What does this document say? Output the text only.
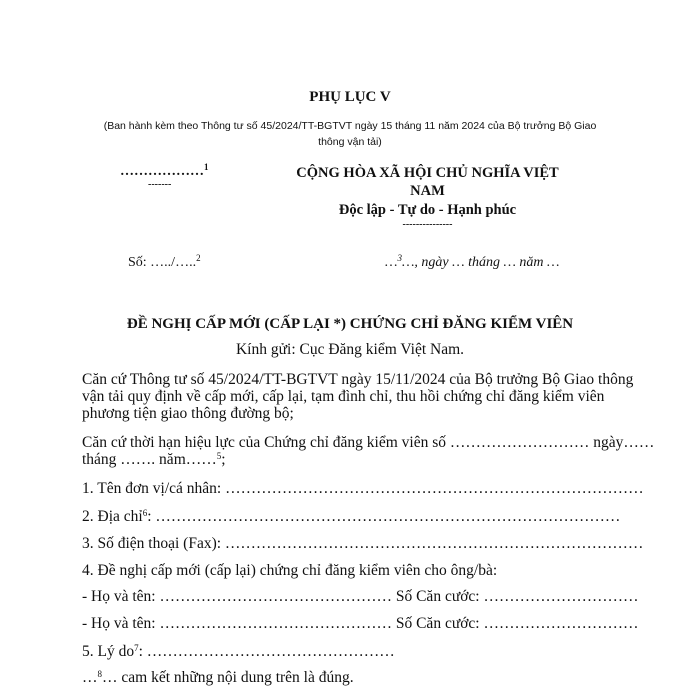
PHỤ LỤC V
(Ban hành kèm theo Thông tư số 45/2024/TT-BGTVT ngày 15 tháng 11 năm 2024 của Bộ trưởng Bộ Giao
thông vận tải)
………………$^1$
-------
Số: …../…..$^2$
CỘNG HÒA XÃ HỘI CHỦ NGHĨA VIỆT
NAM
Độc lập - Tự do - Hạnh phúc
---------------
…$^3$…, ngày … tháng … năm …
ĐỀ NGHỊ CẤP MỚI (CẤP LẠI *) CHỨNG CHỈ ĐĂNG KIỂM VIÊN
Kính gửi: Cục Đăng kiểm Việt Nam.
Căn cứ Thông tư số 45/2024/TT-BGTVT ngày 15/11/2024 của Bộ trưởng Bộ Giao thông
vận tải quy định về cấp mới, cấp lại, tạm đình chỉ, thu hồi chứng chỉ đăng kiểm viên
phương tiện giao thông đường bộ;
Căn cứ thời hạn hiệu lực của Chứng chỉ đăng kiểm viên số ……………………… ngày……
tháng ……. năm……$^5$;
1. Tên đơn vị/cá nhân: ………………………………………………………………………
2. Địa chỉ$^6$: ………………………………………………………………………………
3. Số điện thoại (Fax): ………………………………………………………………………
4. Đề nghị cấp mới (cấp lại) chứng chỉ đăng kiểm viên cho ông/bà:
- Họ và tên: ……………………………………… Số Căn cước: …………………………
- Họ và tên: ……………………………………… Số Căn cước: …………………………
5. Lý $do^7$: …………………………………………
…$^8$… cam kết những nội dung trên là đúng.
